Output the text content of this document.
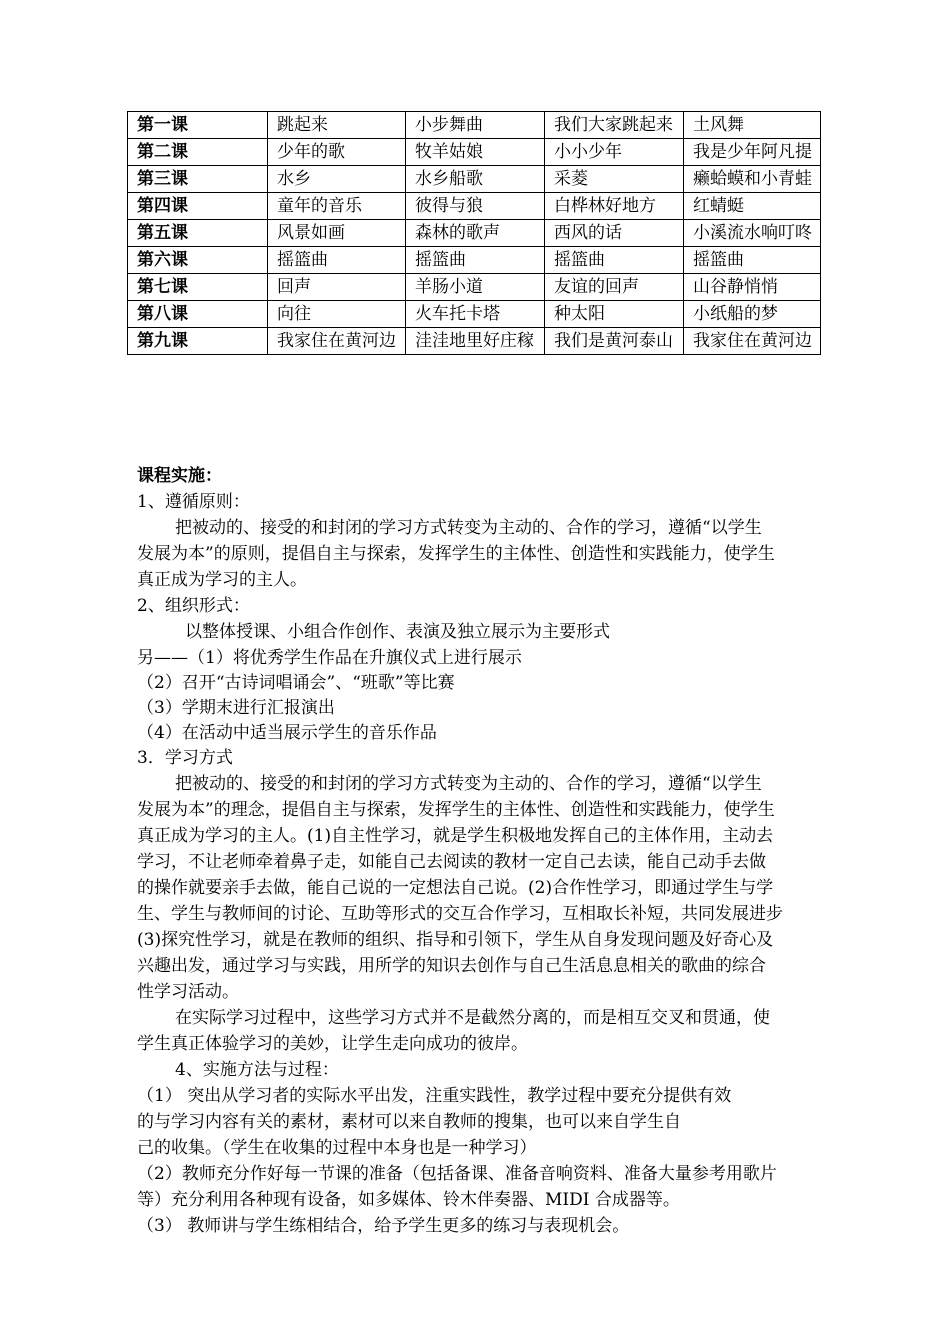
第一课	跳起来	小步舞曲	我们大家跳起来	土风舞
第二课	少年的歌	牧羊姑娘	小小少年	我是少年阿凡提
第三课	水乡	水乡船歌	采菱	癞蛤蟆和小青蛙
第四课	童年的音乐	彼得与狼	白桦林好地方	红蜻蜓
第五课	风景如画	森林的歌声	西风的话	小溪流水响叮咚
第六课	摇篮曲	摇篮曲	摇篮曲	摇篮曲
第七课	回声	羊肠小道	友谊的回声	山谷静悄悄
第八课	向往	火车托卡塔	种太阳	小纸船的梦
第九课	我家住在黄河边	洼洼地里好庄稼	我们是黄河泰山	我家住在黄河边
课程实施：
1、遵循原则：
把被动的、接受的和封闭的学习方式转变为主动的、合作的学习，遵循“以学生
发展为本”的原则，提倡自主与探索，发挥学生的主体性、创造性和实践能力，使学生
真正成为学习的主人。
2、组织形式：
以整体授课、小组合作创作、表演及独立展示为主要形式
另——（1）将优秀学生作品在升旗仪式上进行展示
（2）召开“古诗词唱诵会”、“班歌”等比赛
（3）学期末进行汇报演出
（4）在活动中适当展示学生的音乐作品
3．学习方式
把被动的、接受的和封闭的学习方式转变为主动的、合作的学习，遵循“以学生
发展为本”的理念，提倡自主与探索，发挥学生的主体性、创造性和实践能力，使学生
真正成为学习的主人。(1)自主性学习，就是学生积极地发挥自己的主体作用，主动去
学习，不让老师牵着鼻子走，如能自己去阅读的教材一定自己去读，能自己动手去做
的操作就要亲手去做，能自己说的一定想法自己说。(2)合作性学习，即通过学生与学
生、学生与教师间的讨论、互助等形式的交互合作学习，互相取长补短，共同发展进步
(3)探究性学习，就是在教师的组织、指导和引领下，学生从自身发现问题及好奇心及
兴趣出发，通过学习与实践，用所学的知识去创作与自己生活息息相关的歌曲的综合
性学习活动。
在实际学习过程中，这些学习方式并不是截然分离的，而是相互交叉和贯通，使
学生真正体验学习的美妙，让学生走向成功的彼岸。
4、实施方法与过程：
（1） 突出从学习者的实际水平出发，注重实践性，教学过程中要充分提供有效
的与学习内容有关的素材，素材可以来自教师的搜集，也可以来自学生自
己的收集。（学生在收集的过程中本身也是一种学习）
（2）教师充分作好每一节课的准备（包括备课、准备音响资料、准备大量参考用歌片
等）充分利用各种现有设备，如多媒体、铃木伴奏器、MIDI 合成器等。
（3） 教师讲与学生练相结合，给予学生更多的练习与表现机会。
